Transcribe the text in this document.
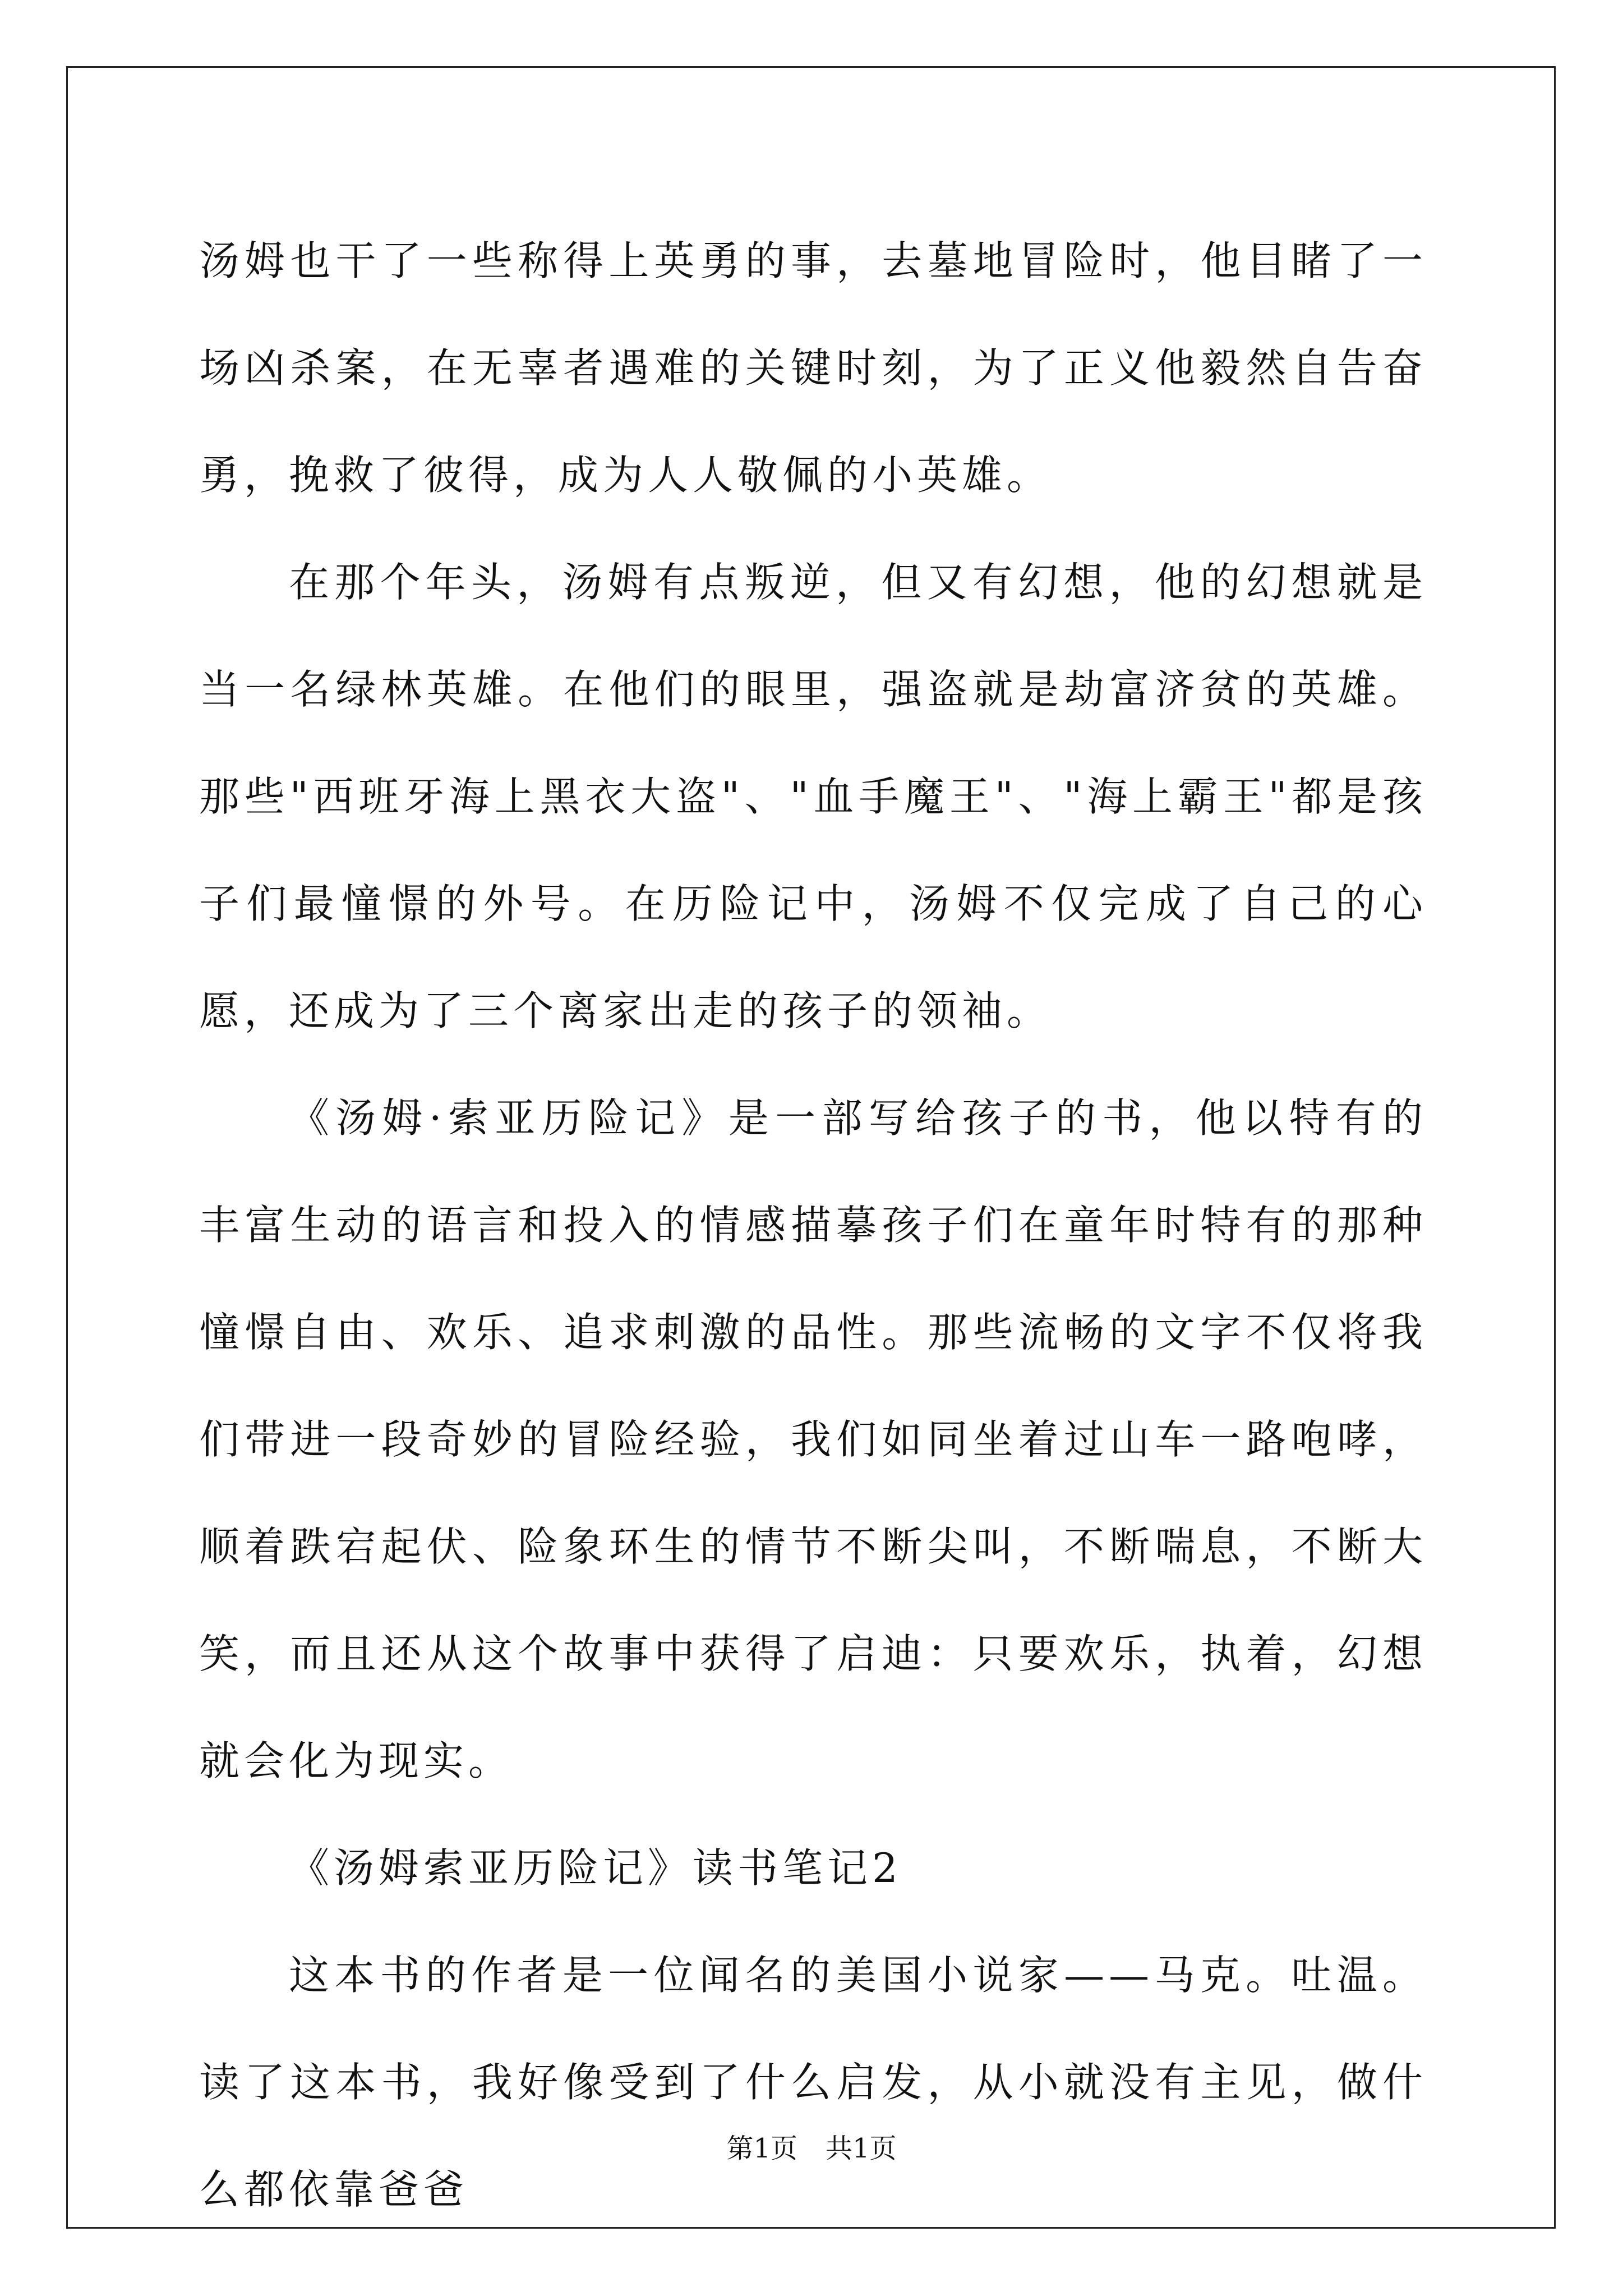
汤姆也干了一些称得上英勇的事，去墓地冒险时，他目睹了一场凶杀案，在无辜者遇难的关键时刻，为了正义他毅然自告奋勇，挽救了彼得，成为人人敬佩的小英雄。

在那个年头，汤姆有点叛逆，但又有幻想，他的幻想就是当一名绿林英雄。在他们的眼里，强盗就是劫富济贫的英雄。那些"西班牙海上黑衣大盗"、"血手魔王"、"海上霸王"都是孩子们最憧憬的外号。在历险记中，汤姆不仅完成了自己的心愿，还成为了三个离家出走的孩子的领袖。

《汤姆·索亚历险记》是一部写给孩子的书，他以特有的丰富生动的语言和投入的情感描摹孩子们在童年时特有的那种憧憬自由、欢乐、追求刺激的品性。那些流畅的文字不仅将我们带进一段奇妙的冒险经验，我们如同坐着过山车一路咆哮，顺着跌宕起伏、险象环生的情节不断尖叫，不断喘息，不断大笑，而且还从这个故事中获得了启迪：只要欢乐，执着，幻想就会化为现实。

《汤姆索亚历险记》读书笔记2

这本书的作者是一位闻名的美国小说家——马克。吐温。读了这本书，我好像受到了什么启发，从小就没有主见，做什么都依靠爸爸

第1页 共1页
